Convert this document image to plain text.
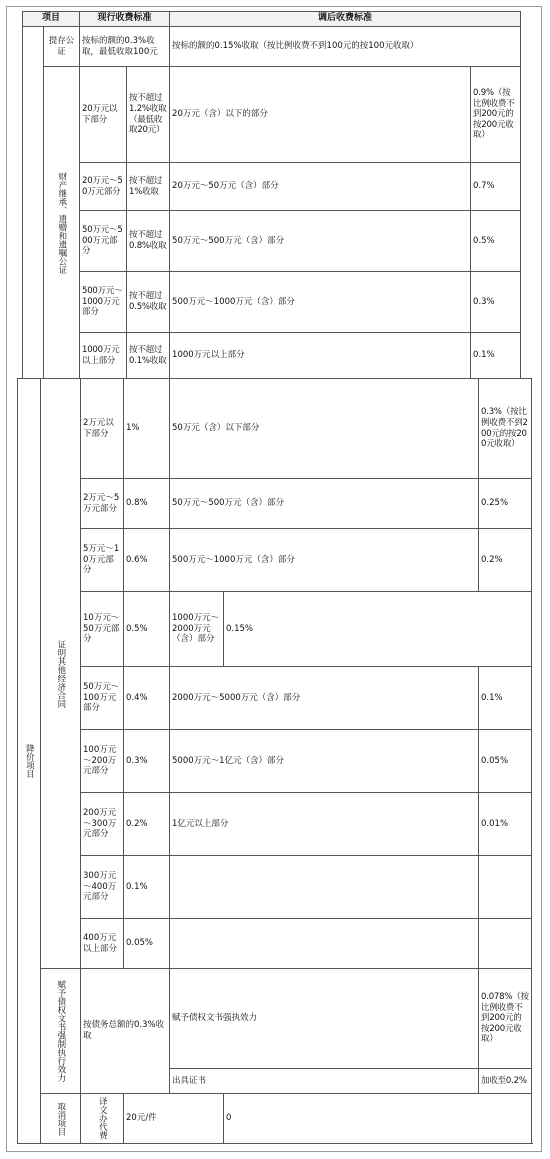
项目		现行收费标准		调后收费标准	
	提存公证	按标的额的0.3%收取，最低收取100元		按标的额的0.15%收取（按比例收费不到100元的按100元收取）	
	财产继承、遗赠和遗嘱公证	20万元以下部分	按不超过1.2%收取（最低收取20元）	20万元（含）以下的部分	0.9%（按比例收费不到200元的按200元收取）
		20万元～50万元部分	按不超过1%收取	20万元～50万元（含）部分	0.7%
		50万元～500万元部分	按不超过0.8%收取	50万元～500万元（含）部分	0.5%
		500万元～1000万元部分	按不超过0.5%收取	500万元～1000万元（含）部分	0.3%
		1000万元以上部分	按不超过0.1%收取	1000万元以上部分	0.1%
降价项目	证明其他经济合同	2万元以下部分	1%	50万元（含）以下部分		0.3%（按比例收费不到200元的按200元收取）
		2万元～5万元部分	0.8%	50万元～500万元（含）部分		0.25%
		5万元～10万元部分	0.6%	500万元～1000万元（含）部分		0.2%
		10万元～50万元部分	0.5%	1000万元～2000万元（含）部分	0.15%	
		50万元～100万元部分	0.4%	2000万元～5000万元（含）部分		0.1%
		100万元～200万元部分	0.3%	5000万元～1亿元（含）部分		0.05%
		200万元～300万元部分	0.2%	1亿元以上部分		0.01%
		300万元～400万元部分	0.1%			
		400万元以上部分	0.05%			
	赋予债权文书强制执行效力	按债务总额的0.3%收取		赋予债权文书强执效力		0.078%（按比例收费不到200元的按200元收取）
				出具证书		加收至0.2%
	取消项目	译文办代费	20元/件		0	
